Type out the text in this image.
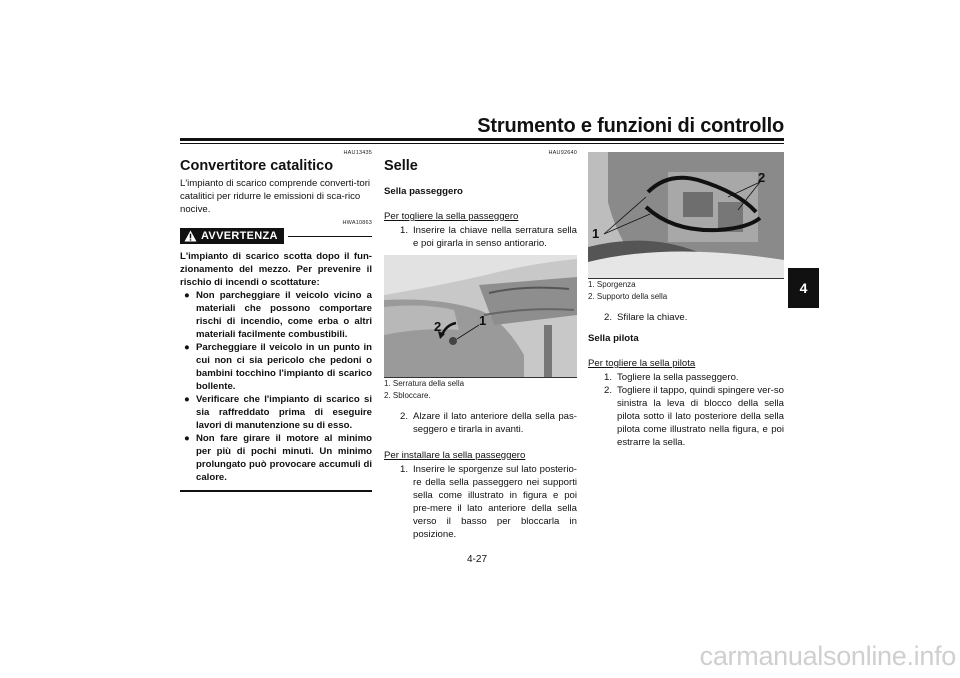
Strumento e funzioni di controllo
4
HAU13435
Convertitore catalitico

L'impianto di scarico comprende converti-tori catalitici per ridurre le emissioni di sca-rico nocive.

HWA10863
AVVERTENZA

L'impianto di scarico scotta dopo il fun-zionamento del mezzo. Per prevenire il rischio di incendi o scottature:

● Non parcheggiare il veicolo vicino a materiali che possono comportare rischi di incendio, come erba o altri materiali facilmente combustibili.
● Parcheggiare il veicolo in un punto in cui non ci sia pericolo che pedoni o bambini tocchino l'impianto di scarico bollente.
● Verificare che l'impianto di scarico si sia raffreddato prima di eseguire lavori di manutenzione su di esso.
● Non fare girare il motore al minimo per più di pochi minuti. Un minimo prolungato può provocare accumuli di calore.
HAU92640
Selle

Sella passeggero

Per togliere la sella passeggero

1. Inserire la chiave nella serratura sella e poi girarla in senso antiorario.
2	1

1. Serratura della sella

2. Sbloccare.

2. Alzare il lato anteriore della sella pas-seggero e tirarla in avanti.

Per installare la sella passeggero

1. Inserire le sporgenze sul lato posterio-re della sella passeggero nei supporti sella come illustrato in figura e poi pre-mere il lato anteriore della sella verso il basso per bloccarla in posizione.
1
2

1. Sporgenza

2. Supporto della sella

2. Sfilare la chiave.

Sella pilota

Per togliere la sella pilota

1. Togliere la sella passeggero.
2. Togliere il tappo, quindi spingere ver-so sinistra la leva di blocco della sella pilota sotto il lato posteriore della sella pilota come illustrato nella figura, e poi estrarre la sella.
4-27
carmanualsonline.info
